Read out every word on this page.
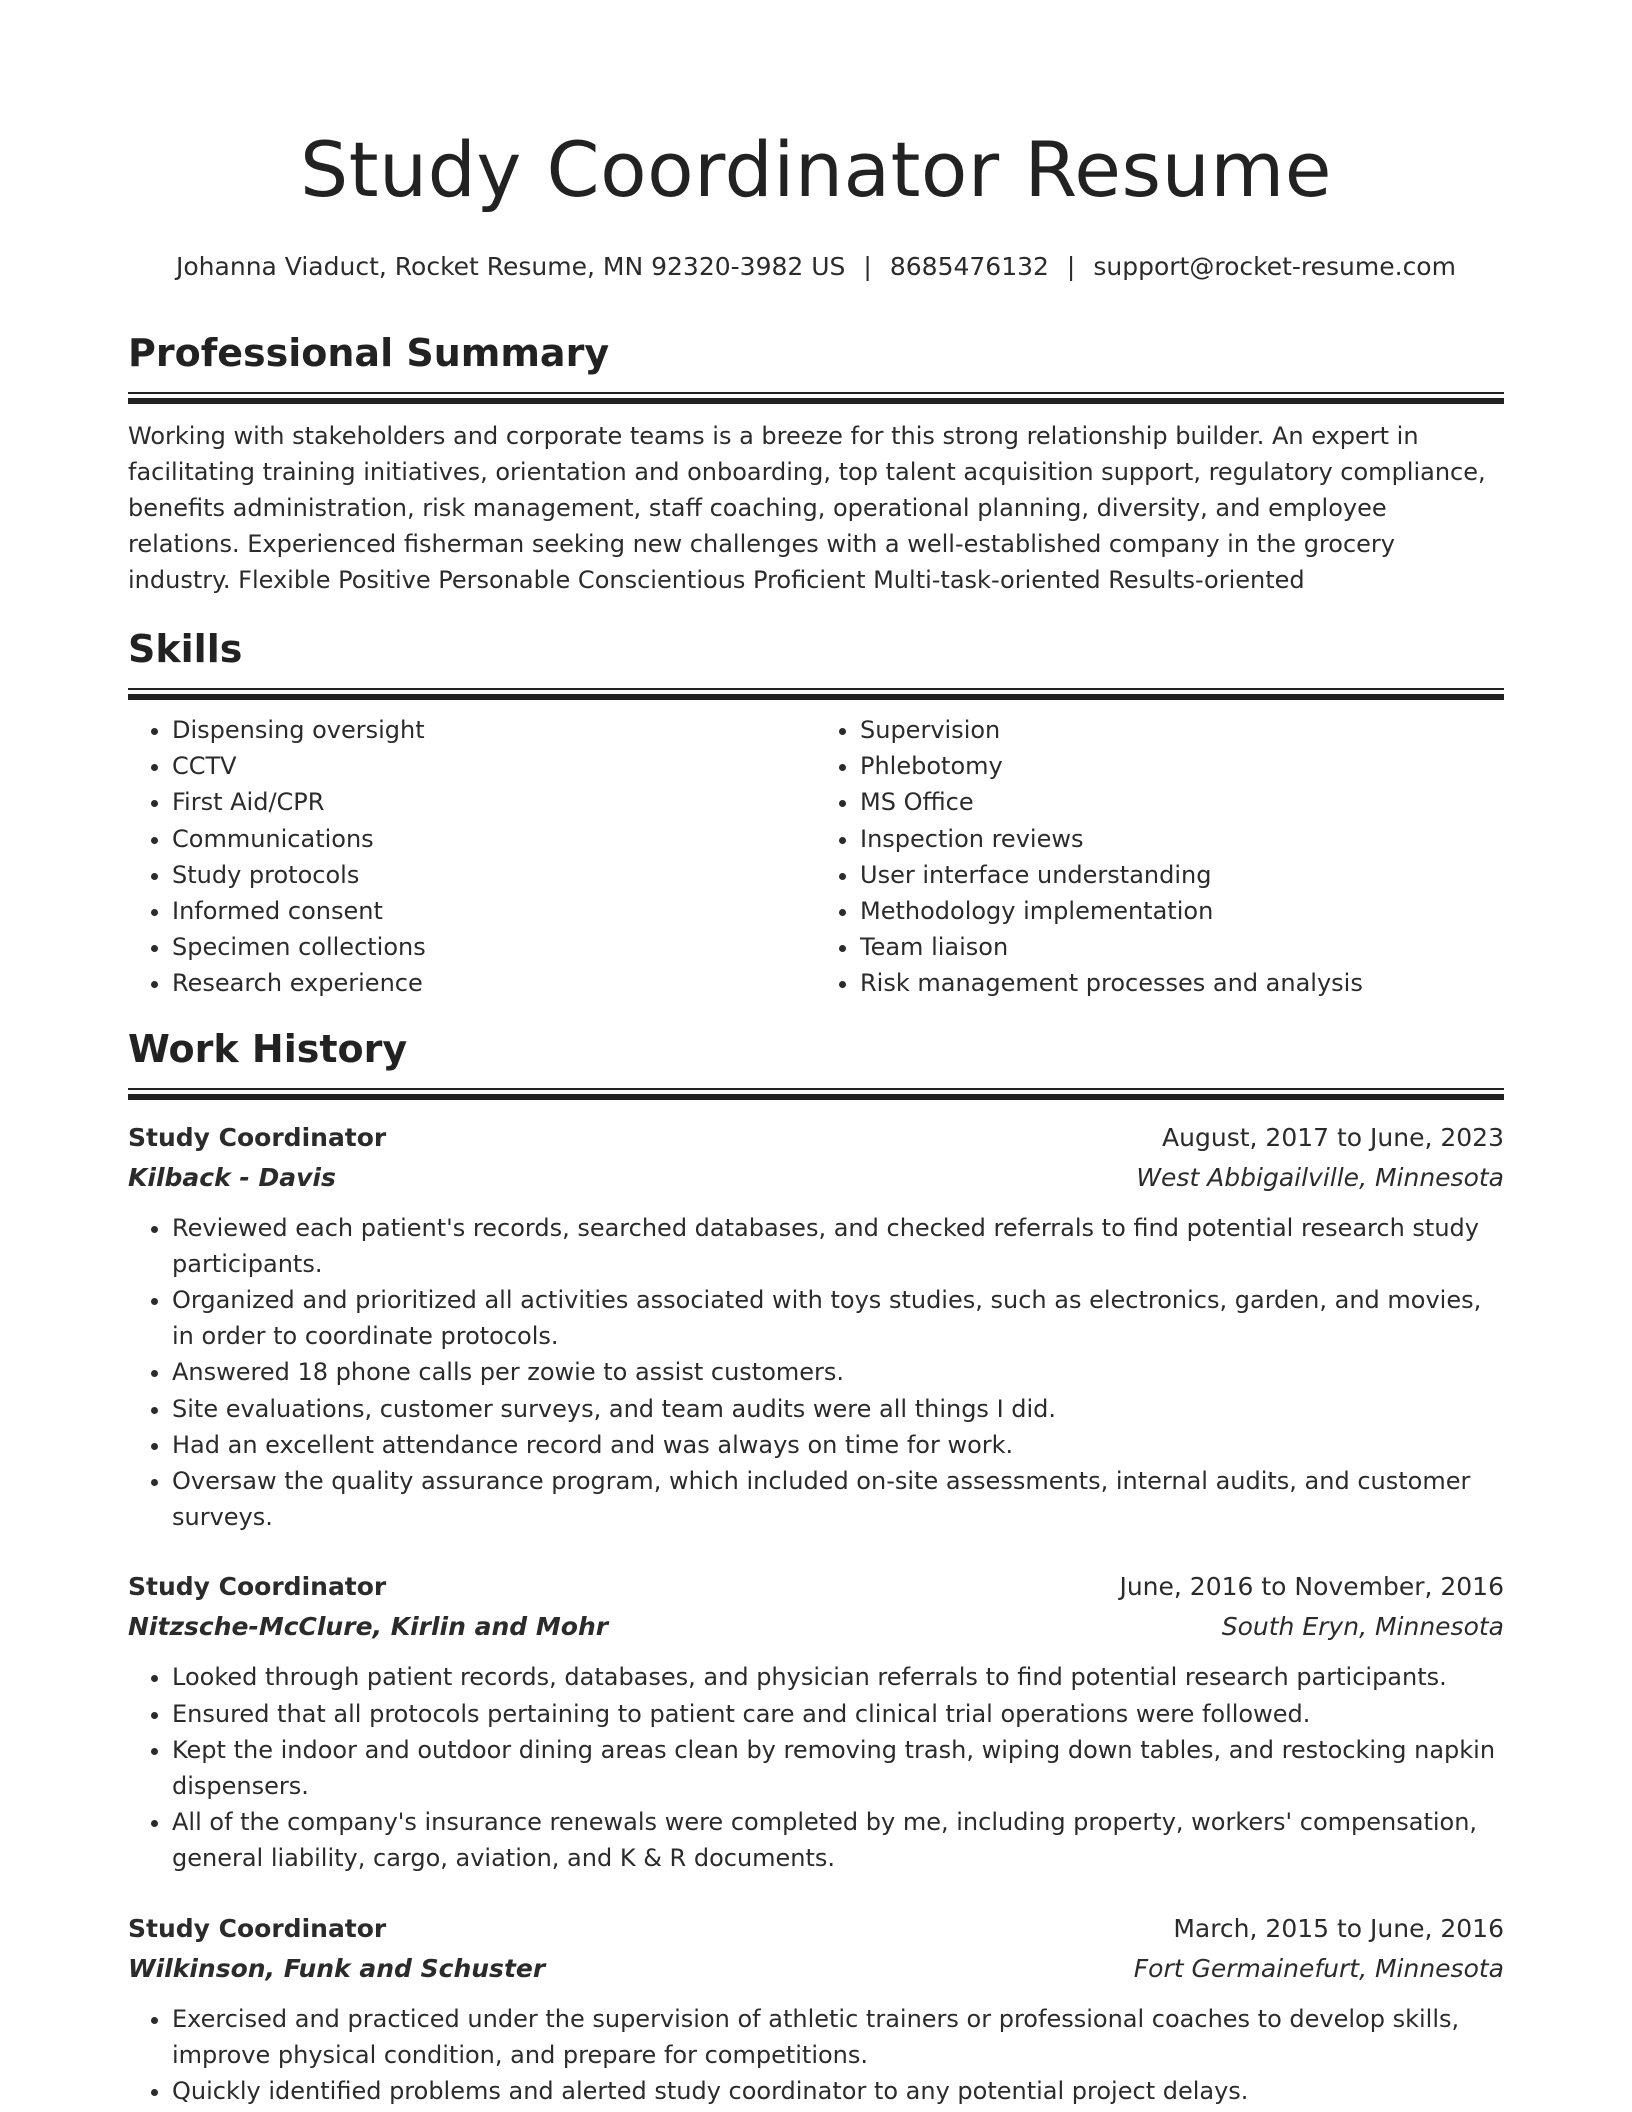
Study Coordinator Resume
Johanna Viaduct, Rocket Resume, MN 92320-3982 US | 8685476132 | support@rocket-resume.com
Professional Summary

Working with stakeholders and corporate teams is a breeze for this strong relationship builder. An expert in facilitating training initiatives, orientation and onboarding, top talent acquisition support, regulatory compliance, benefits administration, risk management, staff coaching, operational planning, diversity, and employee relations. Experienced fisherman seeking new challenges with a well-established company in the grocery industry. Flexible Positive Personable Conscientious Proficient Multi-task-oriented Results-oriented

Skills
• Dispensing oversight
• CCTV
• First Aid/CPR
• Communications
• Study protocols
• Informed consent
• Specimen collections
• Research experience
• Supervision
• Phlebotomy
• MS Office
• Inspection reviews
• User interface understanding
• Methodology implementation
• Team liaison
• Risk management processes and analysis
Work History
Study Coordinator	August, 2017 to June, 2023
Kilback - Davis	West Abbigailville, Minnesota
• Reviewed each patient's records, searched databases, and checked referrals to find potential research study participants.
• Organized and prioritized all activities associated with toys studies, such as electronics, garden, and movies, in order to coordinate protocols.
• Answered 18 phone calls per zowie to assist customers.
• Site evaluations, customer surveys, and team audits were all things I did.
• Had an excellent attendance record and was always on time for work.
• Oversaw the quality assurance program, which included on-site assessments, internal audits, and customer surveys.
Study Coordinator	June, 2016 to November, 2016
Nitzsche-McClure, Kirlin and Mohr	South Eryn, Minnesota
• Looked through patient records, databases, and physician referrals to find potential research participants.
• Ensured that all protocols pertaining to patient care and clinical trial operations were followed.
• Kept the indoor and outdoor dining areas clean by removing trash, wiping down tables, and restocking napkin dispensers.
• All of the company's insurance renewals were completed by me, including property, workers' compensation, general liability, cargo, aviation, and K & R documents.
Study Coordinator	March, 2015 to June, 2016
Wilkinson, Funk and Schuster	Fort Germainefurt, Minnesota
• Exercised and practiced under the supervision of athletic trainers or professional coaches to develop skills, improve physical condition, and prepare for competitions.
• Quickly identified problems and alerted study coordinator to any potential project delays.
